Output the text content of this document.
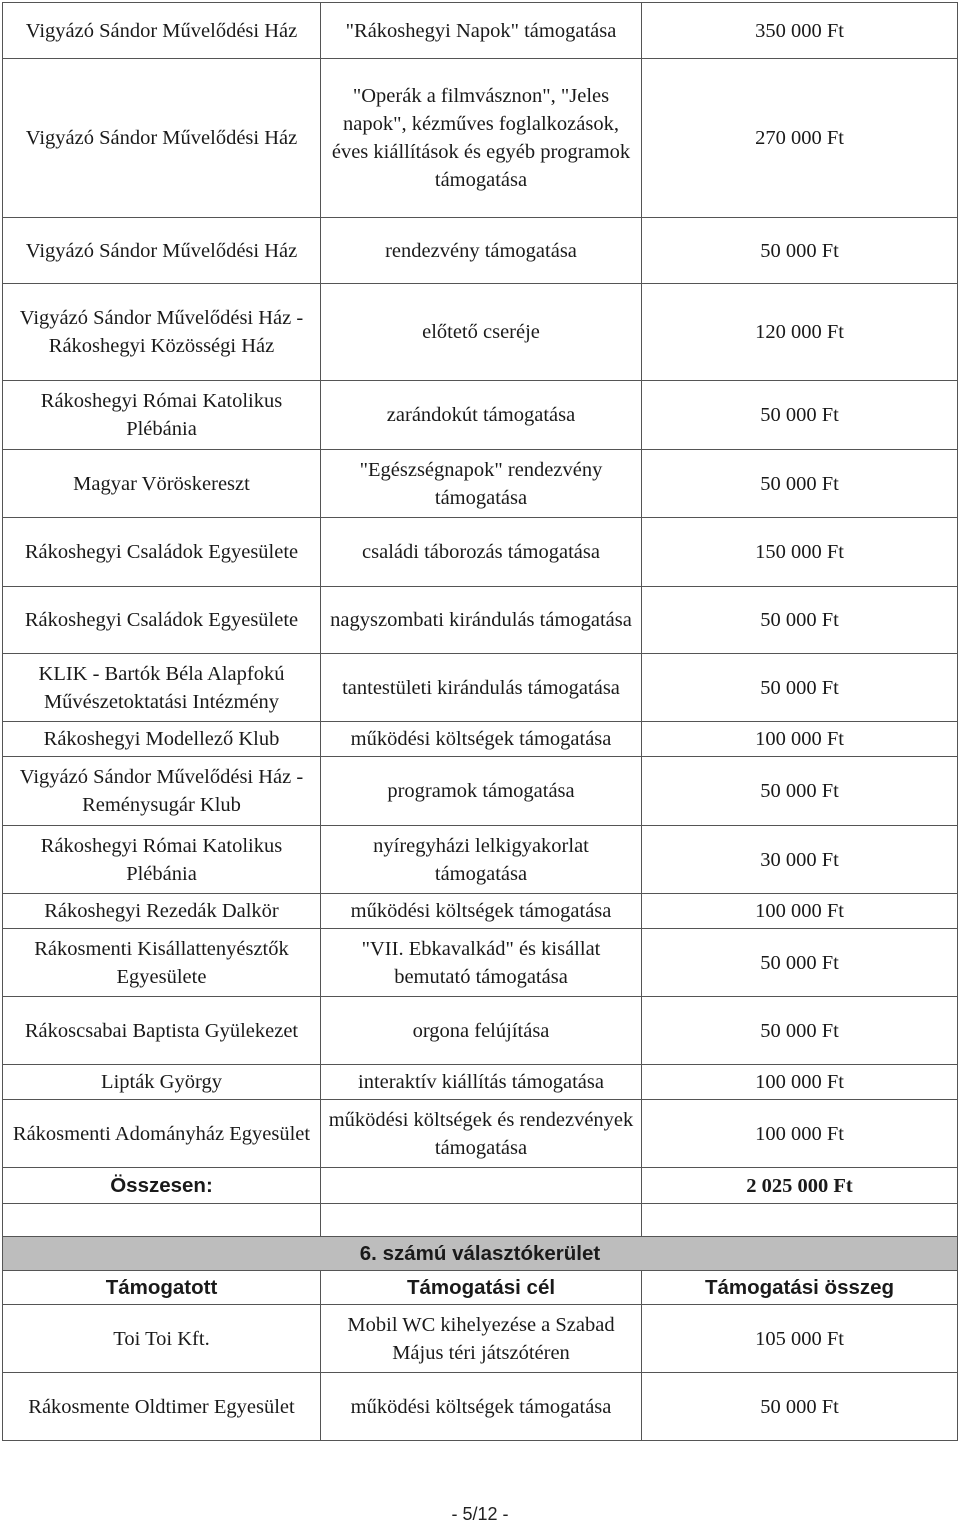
Vigyázó Sándor Művelődési Ház	"Rákoshegyi Napok" támogatása	350 000 Ft
Vigyázó Sándor Művelődési Ház	"Operák a filmvásznon", "Jeles napok", kézműves foglalkozások, éves kiállítások és egyéb programok támogatása	270 000 Ft
Vigyázó Sándor Művelődési Ház	rendezvény támogatása	50 000 Ft
Vigyázó Sándor Művelődési Ház - Rákoshegyi Közösségi Ház	előtető cseréje	120 000 Ft
Rákoshegyi Római Katolikus Plébánia	zarándokút támogatása	50 000 Ft
Magyar Vöröskereszt	"Egészségnapok" rendezvény támogatása	50 000 Ft
Rákoshegyi Családok Egyesülete	családi táborozás támogatása	150 000 Ft
Rákoshegyi Családok Egyesülete	nagyszombati kirándulás támogatása	50 000 Ft
KLIK - Bartók Béla Alapfokú Művészetoktatási Intézmény	tantestületi kirándulás támogatása	50 000 Ft
Rákoshegyi Modellező Klub	működési költségek támogatása	100 000 Ft
Vigyázó Sándor Művelődési Ház - Reménysugár Klub	programok támogatása	50 000 Ft
Rákoshegyi Római Katolikus Plébánia	nyíregyházi lelkigyakorlat támogatása	30 000 Ft
Rákoshegyi Rezedák Dalkör	működési költségek támogatása	100 000 Ft
Rákosmenti Kisállattenyésztők Egyesülete	"VII. Ebkavalkád" és kisállat bemutató támogatása	50 000 Ft
Rákoscsabai Baptista Gyülekezet	orgona felújítása	50 000 Ft
Lipták György	interaktív kiállítás támogatása	100 000 Ft
Rákosmenti Adományház Egyesület	működési költségek és rendezvények támogatása	100 000 Ft
Összesen:		2 025 000 Ft

6. számú választókerület		
Támogatott	Támogatási cél	Támogatási összeg
Toi Toi Kft.	Mobil WC kihelyezése a Szabad Május téri játszótéren	105 000 Ft
Rákosmente Oldtimer Egyesület	működési költségek támogatása	50 000 Ft
- 5/12 -
